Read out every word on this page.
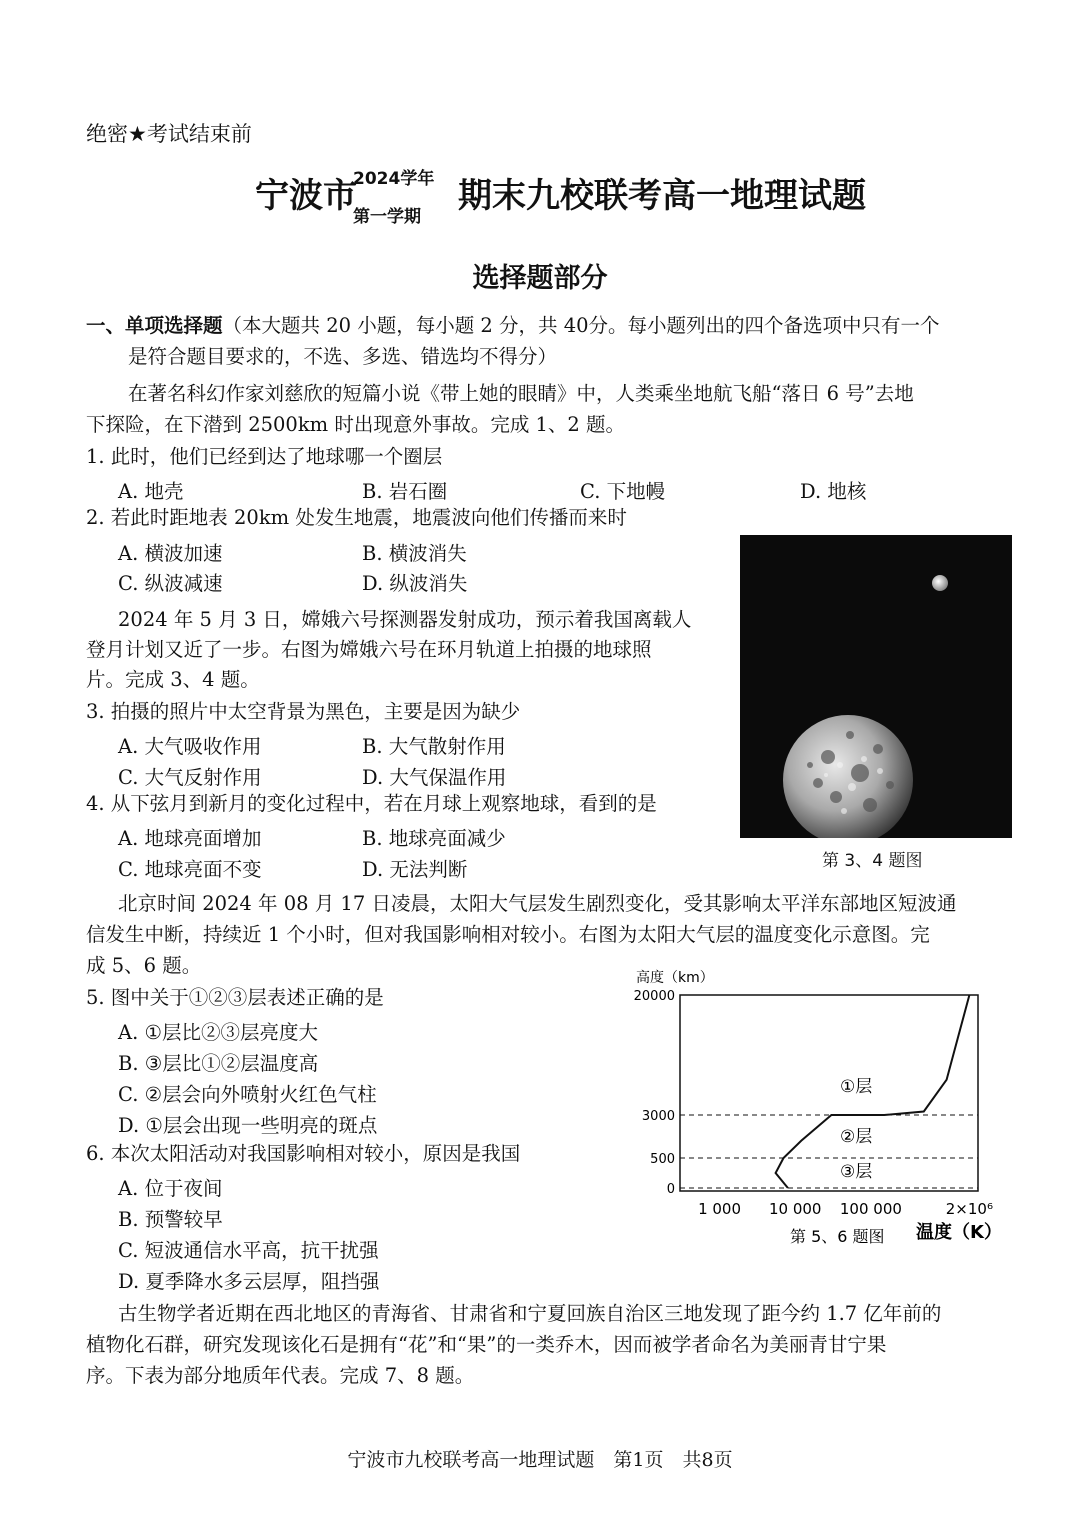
绝密★考试结束前
宁波市
2024学年
第一学期
期末九校联考高一地理试题
选择题部分
一、单项选择题（本大题共 20 小题，每小题 2 分，共 40分。每小题列出的四个备选项中只有一个
是符合题目要求的，不选、多选、错选均不得分）
在著名科幻作家刘慈欣的短篇小说《带上她的眼睛》中，人类乘坐地航飞船“落日 6 号”去地
下探险，在下潜到 2500km 时出现意外事故。完成 1、2 题。
1. 此时，他们已经到达了地球哪一个圈层
A. 地壳	B. 岩石圈	C. 下地幔	D. 地核
2. 若此时距地表 20km 处发生地震，地震波向他们传播而来时
A. 横波加速	B. 横波消失
C. 纵波减速	D. 纵波消失
2024 年 5 月 3 日，嫦娥六号探测器发射成功，预示着我国离载人
登月计划又近了一步。右图为嫦娥六号在环月轨道上拍摄的地球照
片。完成 3、4 题。
3. 拍摄的照片中太空背景为黑色，主要是因为缺少
A. 大气吸收作用	B. 大气散射作用
C. 大气反射作用	D. 大气保温作用
4. 从下弦月到新月的变化过程中，若在月球上观察地球，看到的是
A. 地球亮面增加	B. 地球亮面减少
C. 地球亮面不变	D. 无法判断	第 3、4 题图
北京时间 2024 年 08 月 17 日凌晨，太阳大气层发生剧烈变化，受其影响太平洋东部地区短波通
信发生中断，持续近 1 个小时，但对我国影响相对较小。右图为太阳大气层的温度变化示意图。完
成 5、6 题。
5. 图中关于①②③层表述正确的是
A. ①层比②③层亮度大
B. ③层比①②层温度高
C. ②层会向外喷射火红色气柱
D. ①层会出现一些明亮的斑点
6. 本次太阳活动对我国影响相对较小，原因是我国
A. 位于夜间
B. 预警较早
C. 短波通信水平高，抗干扰强
D. 夏季降水多云层厚，阻挡强
高度（km）
20000
3000
500
0
1 000 10 000 100 000	2×10⁶
①层
②层
③层
第 5、6 题图 温度（K）
古生物学者近期在西北地区的青海省、甘肃省和宁夏回族自治区三地发现了距今约 1.7 亿年前的
植物化石群，研究发现该化石是拥有“花”和“果”的一类乔木，因而被学者命名为美丽青甘宁果
序。下表为部分地质年代表。完成 7、8 题。
宁波市九校联考高一地理试题　第1页　共8页
